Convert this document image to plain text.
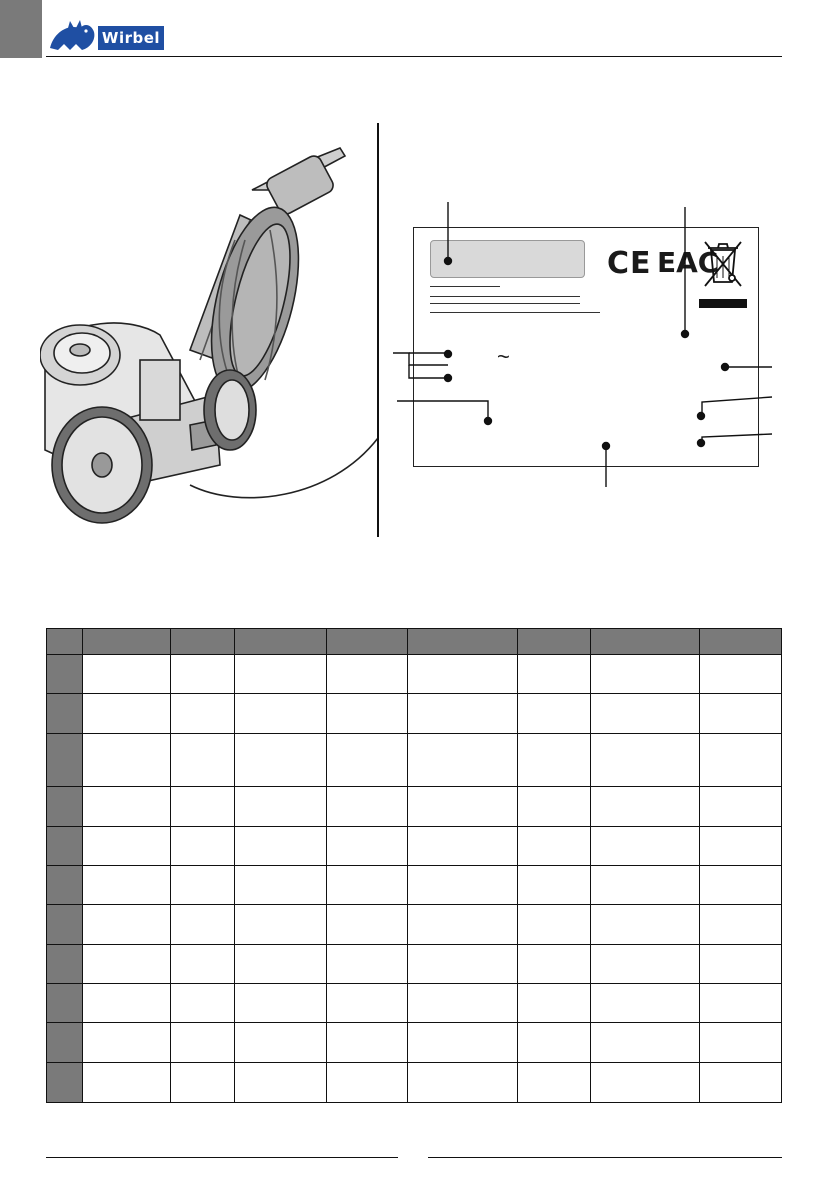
Wirbel
CE EAC
~
